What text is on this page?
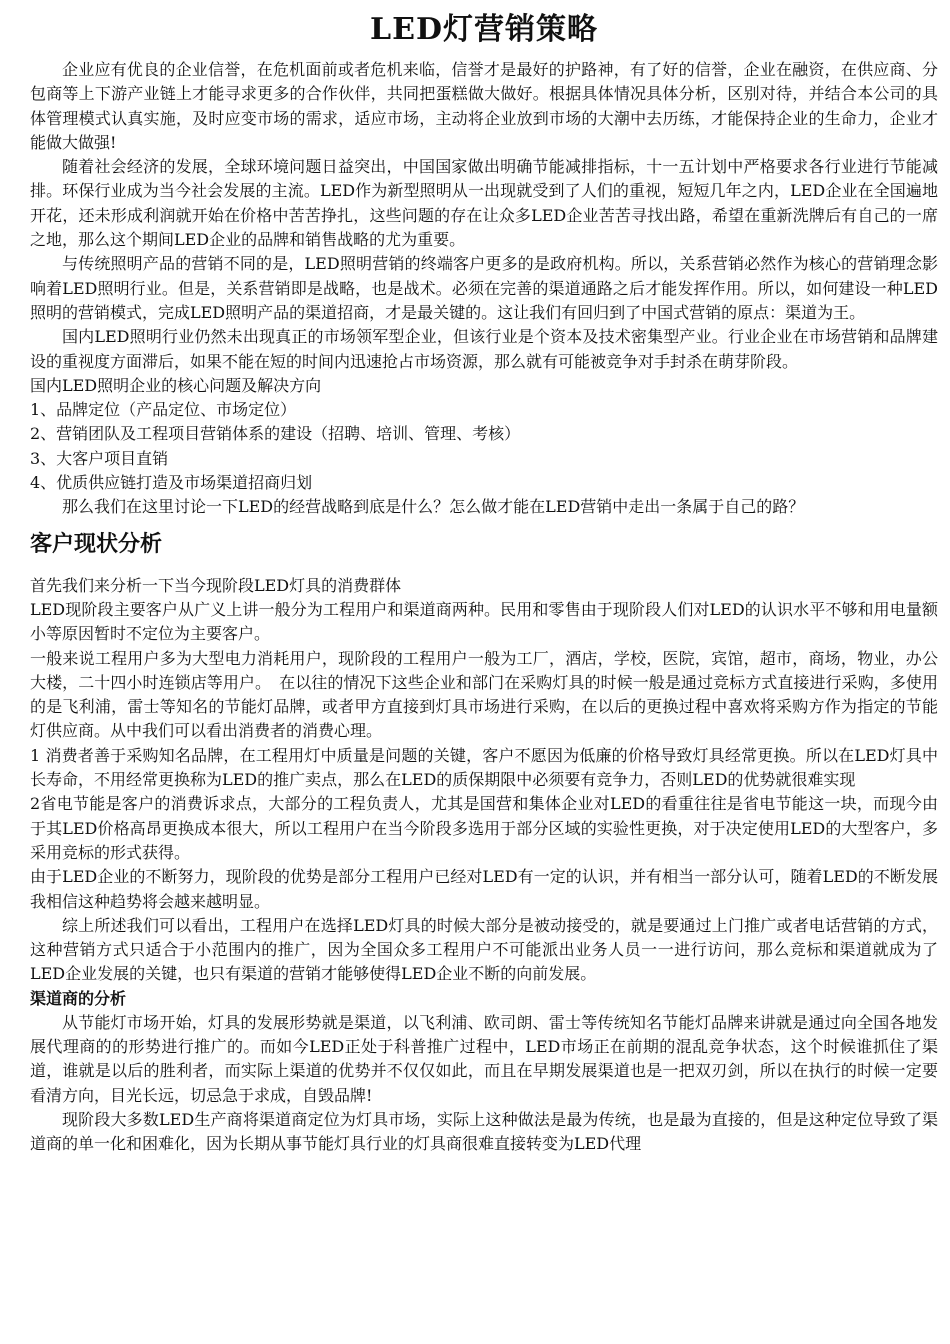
LED灯营销策略

企业应有优良的企业信誉，在危机面前或者危机来临，信誉才是最好的护路神，有了好的信誉，企业在融资，在供应商、分包商等上下游产业链上才能寻求更多的合作伙伴，共同把蛋糕做大做好。根据具体情况具体分析，区别对待，并结合本公司的具体管理模式认真实施，及时应变市场的需求，适应市场，主动将企业放到市场的大潮中去历练，才能保持企业的生命力，企业才能做大做强!

随着社会经济的发展，全球环境问题日益突出，中国国家做出明确节能减排指标，十一五计划中严格要求各行业进行节能减排。环保行业成为当今社会发展的主流。LED作为新型照明从一出现就受到了人们的重视，短短几年之内，LED企业在全国遍地开花，还未形成利润就开始在价格中苦苦挣扎，这些问题的存在让众多LED企业苦苦寻找出路，希望在重新洗牌后有自己的一席之地，那么这个期间LED企业的品牌和销售战略的尤为重要。

与传统照明产品的营销不同的是，LED照明营销的终端客户更多的是政府机构。所以，关系营销必然作为核心的营销理念影响着LED照明行业。但是，关系营销即是战略，也是战术。必须在完善的渠道通路之后才能发挥作用。所以，如何建设一种LED照明的营销模式，完成LED照明产品的渠道招商，才是最关键的。这让我们有回归到了中国式营销的原点：渠道为王。

国内LED照明行业仍然未出现真正的市场领军型企业，但该行业是个资本及技术密集型产业。行业企业在市场营销和品牌建设的重视度方面滞后，如果不能在短的时间内迅速抢占市场资源，那么就有可能被竞争对手封杀在萌芽阶段。

国内LED照明企业的核心问题及解决方向

1、品牌定位（产品定位、市场定位）

2、营销团队及工程项目营销体系的建设（招聘、培训、管理、考核）

3、大客户项目直销

4、优质供应链打造及市场渠道招商归划

那么我们在这里讨论一下LED的经营战略到底是什么？怎么做才能在LED营销中走出一条属于自己的路？

客户现状分析

首先我们来分析一下当今现阶段LED灯具的消费群体

LED现阶段主要客户从广义上讲一般分为工程用户和渠道商两种。民用和零售由于现阶段人们对LED的认识水平不够和用电量额小等原因暂时不定位为主要客户。

一般来说工程用户多为大型电力消耗用户，现阶段的工程用户一般为工厂，酒店，学校，医院，宾馆，超市，商场，物业，办公大楼，二十四小时连锁店等用户。　在以往的情况下这些企业和部门在采购灯具的时候一般是通过竞标方式直接进行采购，多使用的是飞利浦，雷士等知名的节能灯品牌，或者甲方直接到灯具市场进行采购，在以后的更换过程中喜欢将采购方作为指定的节能灯供应商。从中我们可以看出消费者的消费心理。

1 消费者善于采购知名品牌，在工程用灯中质量是问题的关键，客户不愿因为低廉的价格导致灯具经常更换。所以在LED灯具中长寿命，不用经常更换称为LED的推广卖点，那么在LED的质保期限中必须要有竞争力，否则LED的优势就很难实现

2省电节能是客户的消费诉求点，大部分的工程负责人，尤其是国营和集体企业对LED的看重往往是省电节能这一块，而现今由于其LED价格高昂更换成本很大，所以工程用户在当今阶段多选用于部分区域的实验性更换，对于决定使用LED的大型客户，多采用竞标的形式获得。

由于LED企业的不断努力，现阶段的优势是部分工程用户已经对LED有一定的认识，并有相当一部分认可，随着LED的不断发展我相信这种趋势将会越来越明显。

综上所述我们可以看出，工程用户在选择LED灯具的时候大部分是被动接受的，就是要通过上门推广或者电话营销的方式，这种营销方式只适合于小范围内的推广，因为全国众多工程用户不可能派出业务人员一一进行访问，那么竞标和渠道就成为了LED企业发展的关键，也只有渠道的营销才能够使得LED企业不断的向前发展。

渠道商的分析

从节能灯市场开始，灯具的发展形势就是渠道，以飞利浦、欧司朗、雷士等传统知名节能灯品牌来讲就是通过向全国各地发展代理商的的形势进行推广的。而如今LED正处于科普推广过程中，LED市场正在前期的混乱竞争状态，这个时候谁抓住了渠道，谁就是以后的胜利者，而实际上渠道的优势并不仅仅如此，而且在早期发展渠道也是一把双刃剑，所以在执行的时候一定要看清方向，目光长远，切忌急于求成，自毁品牌!

现阶段大多数LED生产商将渠道商定位为灯具市场，实际上这种做法是最为传统，也是最为直接的，但是这种定位导致了渠道商的单一化和困难化，因为长期从事节能灯具行业的灯具商很难直接转变为LED代理
